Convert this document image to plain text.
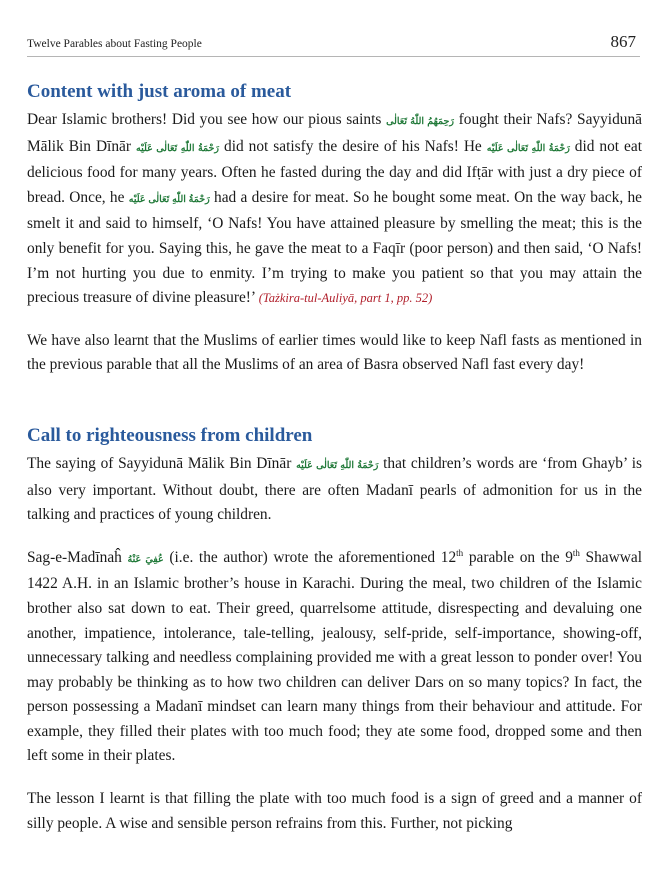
Twelve Parables about Fasting People	867
Content with just aroma of meat

Dear Islamic brothers! Did you see how our pious saints رَحِمَهُمُ اللّٰهُ تَعَالٰى fought their Nafs? Sayyidunā Mālik Bin Dīnār رَحْمَةُ اللّٰهِ تَعَالٰى عَلَيْه did not satisfy the desire of his Nafs! He رَحْمَةُ اللّٰهِ تَعَالٰى عَلَيْه did not eat delicious food for many years. Often he fasted during the day and did Ifṭār with just a dry piece of bread. Once, he رَحْمَةُ اللّٰهِ تَعَالٰى عَلَيْه had a desire for meat. So he bought some meat. On the way back, he smelt it and said to himself, ‘O Nafs! You have attained pleasure by smelling the meat; this is the only benefit for you. Saying this, he gave the meat to a Faqīr (poor person) and then said, ‘O Nafs! I’m not hurting you due to enmity. I’m trying to make you patient so that you may attain the precious treasure of divine pleasure!’ (Tażkira-tul-Auliyā, part 1, pp. 52)

We have also learnt that the Muslims of earlier times would like to keep Nafl fasts as mentioned in the previous parable that all the Muslims of an area of Basra observed Nafl fast every day!

Call to righteousness from children

The saying of Sayyidunā Mālik Bin Dīnār رَحْمَةُ اللّٰهِ تَعَالٰى عَلَيْه that children’s words are ‘from Ghayb’ is also very important. Without doubt, there are often Madanī pearls of admonition for us in the talking and practices of young children.

Sag-e-Madīnaĥ عُفِيَ عَنْهُ (i.e. the author) wrote the aforementioned 12th parable on the 9th Shawwal 1422 A.H. in an Islamic brother’s house in Karachi. During the meal, two children of the Islamic brother also sat down to eat. Their greed, quarrelsome attitude, disrespecting and devaluing one another, impatience, intolerance, tale-telling, jealousy, self-pride, self-importance, showing-off, unnecessary talking and needless complaining provided me with a great lesson to ponder over! You may probably be thinking as to how two children can deliver Dars on so many topics? In fact, the person possessing a Madanī mindset can learn many things from their behaviour and attitude. For example, they filled their plates with too much food; they ate some food, dropped some and then left some in their plates.

The lesson I learnt is that filling the plate with too much food is a sign of greed and a manner of silly people. A wise and sensible person refrains from this. Further, not picking
